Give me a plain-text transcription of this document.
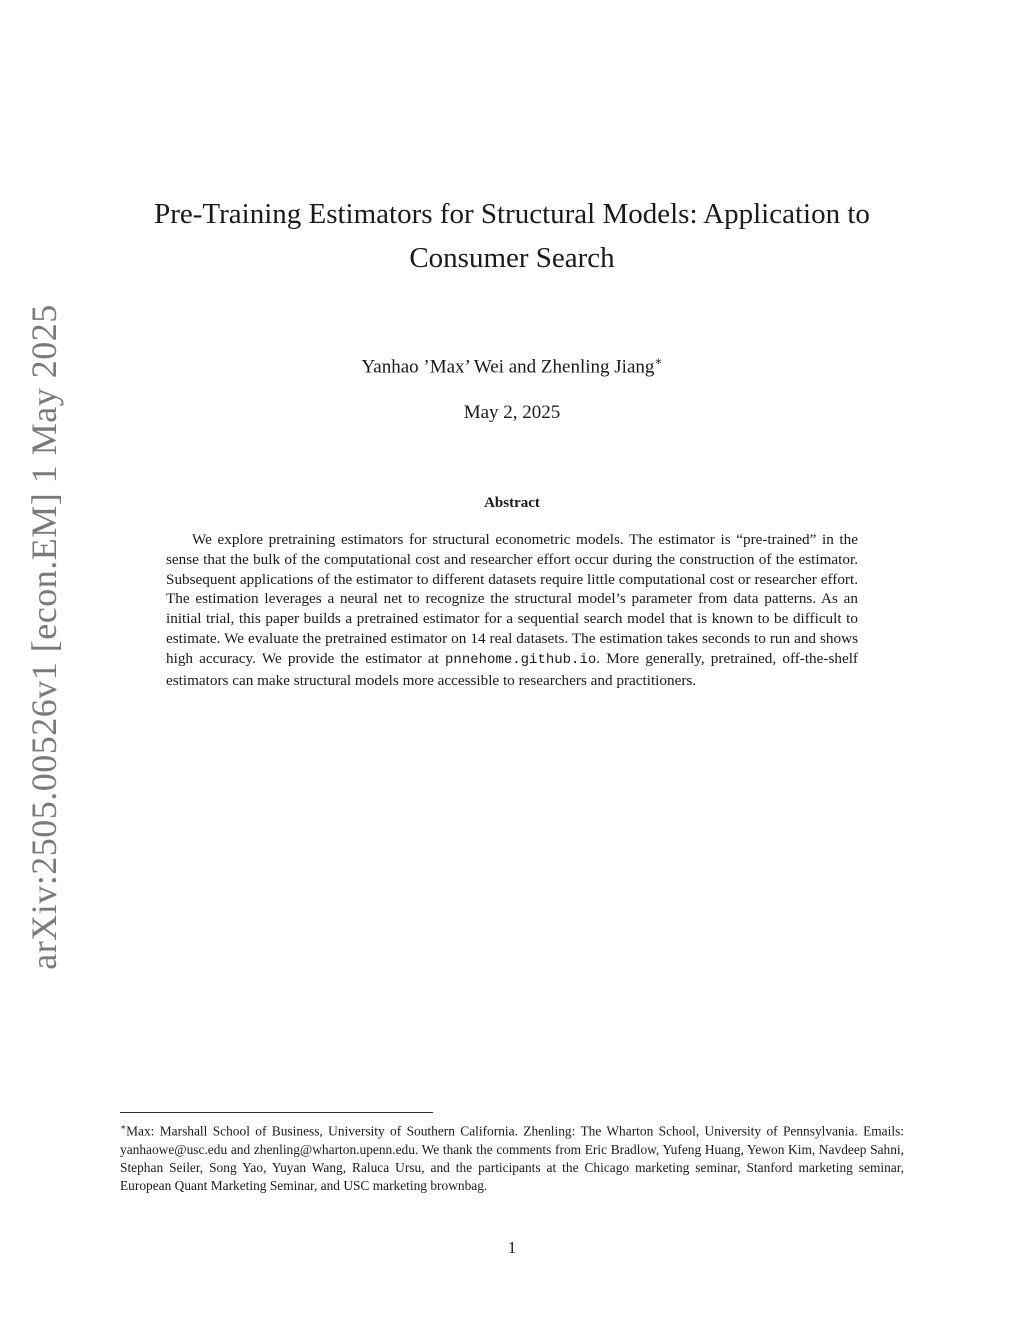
arXiv:2505.00526v1 [econ.EM] 1 May 2025
Pre-Training Estimators for Structural Models: Application to
Consumer Search
Yanhao ’Max’ Wei and Zhenling Jiang∗
May 2, 2025
Abstract

We explore pretraining estimators for structural econometric models. The estimator is “pre-trained” in the sense that the bulk of the computational cost and researcher effort occur during the construction of the estimator. Subsequent applications of the estimator to different datasets require little computational cost or researcher effort. The estimation leverages a neural net to recognize the structural model’s parameter from data patterns. As an initial trial, this paper builds a pretrained estimator for a sequential search model that is known to be difficult to estimate. We evaluate the pretrained estimator on 14 real datasets. The estimation takes seconds to run and shows high accuracy. We provide the estimator at pnnehome.github.io. More generally, pretrained, off-the-shelf estimators can make structural models more accessible to researchers and practitioners.

∗Max: Marshall School of Business, University of Southern California. Zhenling: The Wharton School, University of Pennsylvania. Emails: yanhaowe@usc.edu and zhenling@wharton.upenn.edu. We thank the comments from Eric Bradlow, Yufeng Huang, Yewon Kim, Navdeep Sahni, Stephan Seiler, Song Yao, Yuyan Wang, Raluca Ursu, and the participants at the Chicago marketing seminar, Stanford marketing seminar, European Quant Marketing Seminar, and USC marketing brownbag.

1
